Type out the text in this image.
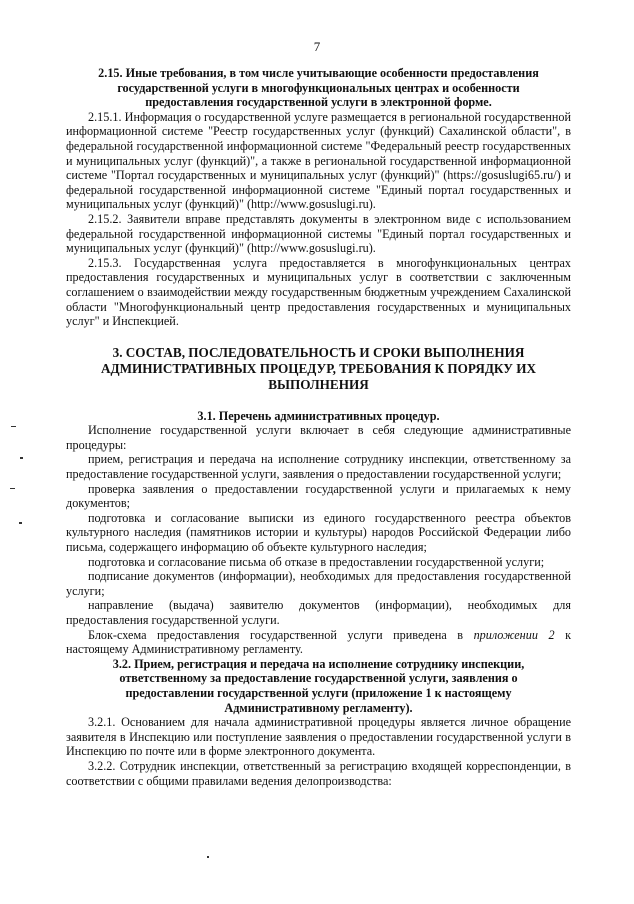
7
2.15. Иные требования, в том числе учитывающие особенности предоставления государственной услуги в многофункциональных центрах и особенности предоставления государственной услуги в электронной форме.

2.15.1. Информация о государственной услуге размещается в региональной государственной информационной системе "Реестр государственных услуг (функций) Сахалинской области", в федеральной государственной информационной системе "Федеральный реестр государственных и муниципальных услуг (функций)", а также в региональной государственной информационной системе "Портал государственных и муниципальных услуг (функций)" (https://gosuslugi65.ru/) и федеральной государственной информационной системе "Единый портал государственных и муниципальных услуг (функций)" (http://www.gosuslugi.ru).

2.15.2. Заявители вправе представлять документы в электронном виде с использованием федеральной государственной информационной системы "Единый портал государственных и муниципальных услуг (функций)" (http://www.gosuslugi.ru).

2.15.3. Государственная услуга предоставляется в многофункциональных центрах предоставления государственных и муниципальных услуг в соответствии с заключенным соглашением о взаимодействии между государственным бюджетным учреждением Сахалинской области "Многофункциональный центр предоставления государственных и муниципальных услуг" и Инспекцией.

3. СОСТАВ, ПОСЛЕДОВАТЕЛЬНОСТЬ И СРОКИ ВЫПОЛНЕНИЯ АДМИНИСТРАТИВНЫХ ПРОЦЕДУР, ТРЕБОВАНИЯ К ПОРЯДКУ ИХ ВЫПОЛНЕНИЯ
3.1. Перечень административных процедур.

Исполнение государственной услуги включает в себя следующие административные процедуры:

прием, регистрация и передача на исполнение сотруднику инспекции, ответственному за предоставление государственной услуги, заявления о предоставлении государственной услуги;

проверка заявления о предоставлении государственной услуги и прилагаемых к нему документов;

подготовка и согласование выписки из единого государственного реестра объектов культурного наследия (памятников истории и культуры) народов Российской Федерации либо письма, содержащего информацию об объекте культурного наследия;

подготовка и согласование письма об отказе в предоставлении государственной услуги;

подписание документов (информации), необходимых для предоставления государственной услуги;

направление (выдача) заявителю документов (информации), необходимых для предоставления государственной услуги.

Блок-схема предоставления государственной услуги приведена в приложении 2 к настоящему Административному регламенту.

3.2. Прием, регистрация и передача на исполнение сотруднику инспекции, ответственному за предоставление государственной услуги, заявления о предоставлении государственной услуги (приложение 1 к настоящему Административному регламенту).

3.2.1. Основанием для начала административной процедуры является личное обращение заявителя в Инспекцию или поступление заявления о предоставлении государственной услуги в Инспекцию по почте или в форме электронного документа.

3.2.2. Сотрудник инспекции, ответственный за регистрацию входящей корреспонденции, в соответствии с общими правилами ведения делопроизводства:
